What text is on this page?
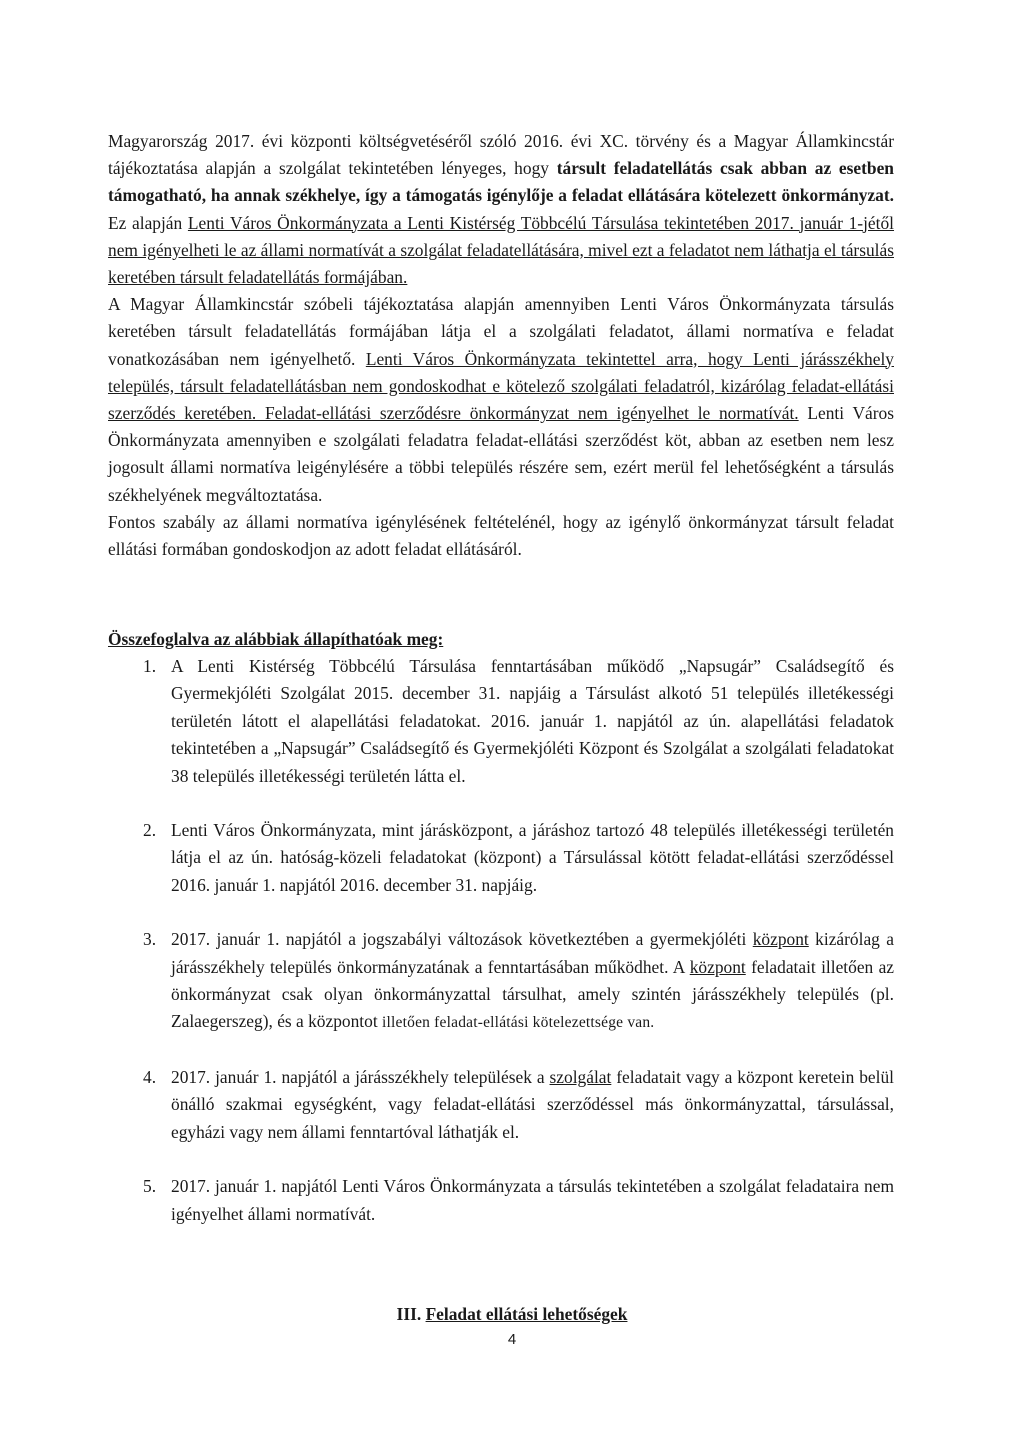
Magyarország 2017. évi központi költségvetéséről szóló 2016. évi XC. törvény és a Magyar Államkincstár tájékoztatása alapján a szolgálat tekintetében lényeges, hogy társult feladatellátás csak abban az esetben támogatható, ha annak székhelye, így a támogatás igénylője a feladat ellátására kötelezett önkormányzat. Ez alapján Lenti Város Önkormányzata a Lenti Kistérség Többcélú Társulása tekintetében 2017. január 1-jétől nem igényelheti le az állami normatívát a szolgálat feladatellátására, mivel ezt a feladatot nem láthatja el társulás keretében társult feladatellátás formájában.

A Magyar Államkincstár szóbeli tájékoztatása alapján amennyiben Lenti Város Önkormányzata társulás keretében társult feladatellátás formájában látja el a szolgálati feladatot, állami normatíva e feladat vonatkozásában nem igényelhető. Lenti Város Önkormányzata tekintettel arra, hogy Lenti járásszékhely település, társult feladatellátásban nem gondoskodhat e kötelező szolgálati feladatról, kizárólag feladat-ellátási szerződés keretében. Feladat-ellátási szerződésre önkormányzat nem igényelhet le normatívát. Lenti Város Önkormányzata amennyiben e szolgálati feladatra feladat-ellátási szerződést köt, abban az esetben nem lesz jogosult állami normatíva leigénylésére a többi település részére sem, ezért merül fel lehetőségként a társulás székhelyének megváltoztatása.

Fontos szabály az állami normatíva igénylésének feltételénél, hogy az igénylő önkormányzat társult feladat ellátási formában gondoskodjon az adott feladat ellátásáról.

Összefoglalva az alábbiak állapíthatóak meg:

1. A Lenti Kistérség Többcélú Társulása fenntartásában működő „Napsugár” Családsegítő és Gyermekjóléti Szolgálat 2015. december 31. napjáig a Társulást alkotó 51 település illetékességi területén látott el alapellátási feladatokat. 2016. január 1. napjától az ún. alapellátási feladatok tekintetében a „Napsugár” Családsegítő és Gyermekjóléti Központ és Szolgálat a szolgálati feladatokat 38 település illetékességi területén látta el.
2. Lenti Város Önkormányzata, mint járásközpont, a járáshoz tartozó 48 település illetékességi területén látja el az ún. hatóság-közeli feladatokat (központ) a Társulással kötött feladat-ellátási szerződéssel 2016. január 1. napjától 2016. december 31. napjáig.
3. 2017. január 1. napjától a jogszabályi változások következtében a gyermekjóléti központ kizárólag a járásszékhely település önkormányzatának a fenntartásában működhet. A központ feladatait illetően az önkormányzat csak olyan önkormányzattal társulhat, amely szintén járásszékhely település (pl. Zalaegerszeg), és a központot illetően feladat-ellátási kötelezettsége van.
4. 2017. január 1. napjától a járásszékhely települések a szolgálat feladatait vagy a központ keretein belül önálló szakmai egységként, vagy feladat-ellátási szerződéssel más önkormányzattal, társulással, egyházi vagy nem állami fenntartóval láthatják el.
5. 2017. január 1. napjától Lenti Város Önkormányzata a társulás tekintetében a szolgálat feladataira nem igényelhet állami normatívát.
III. Feladat ellátási lehetőségek
4
